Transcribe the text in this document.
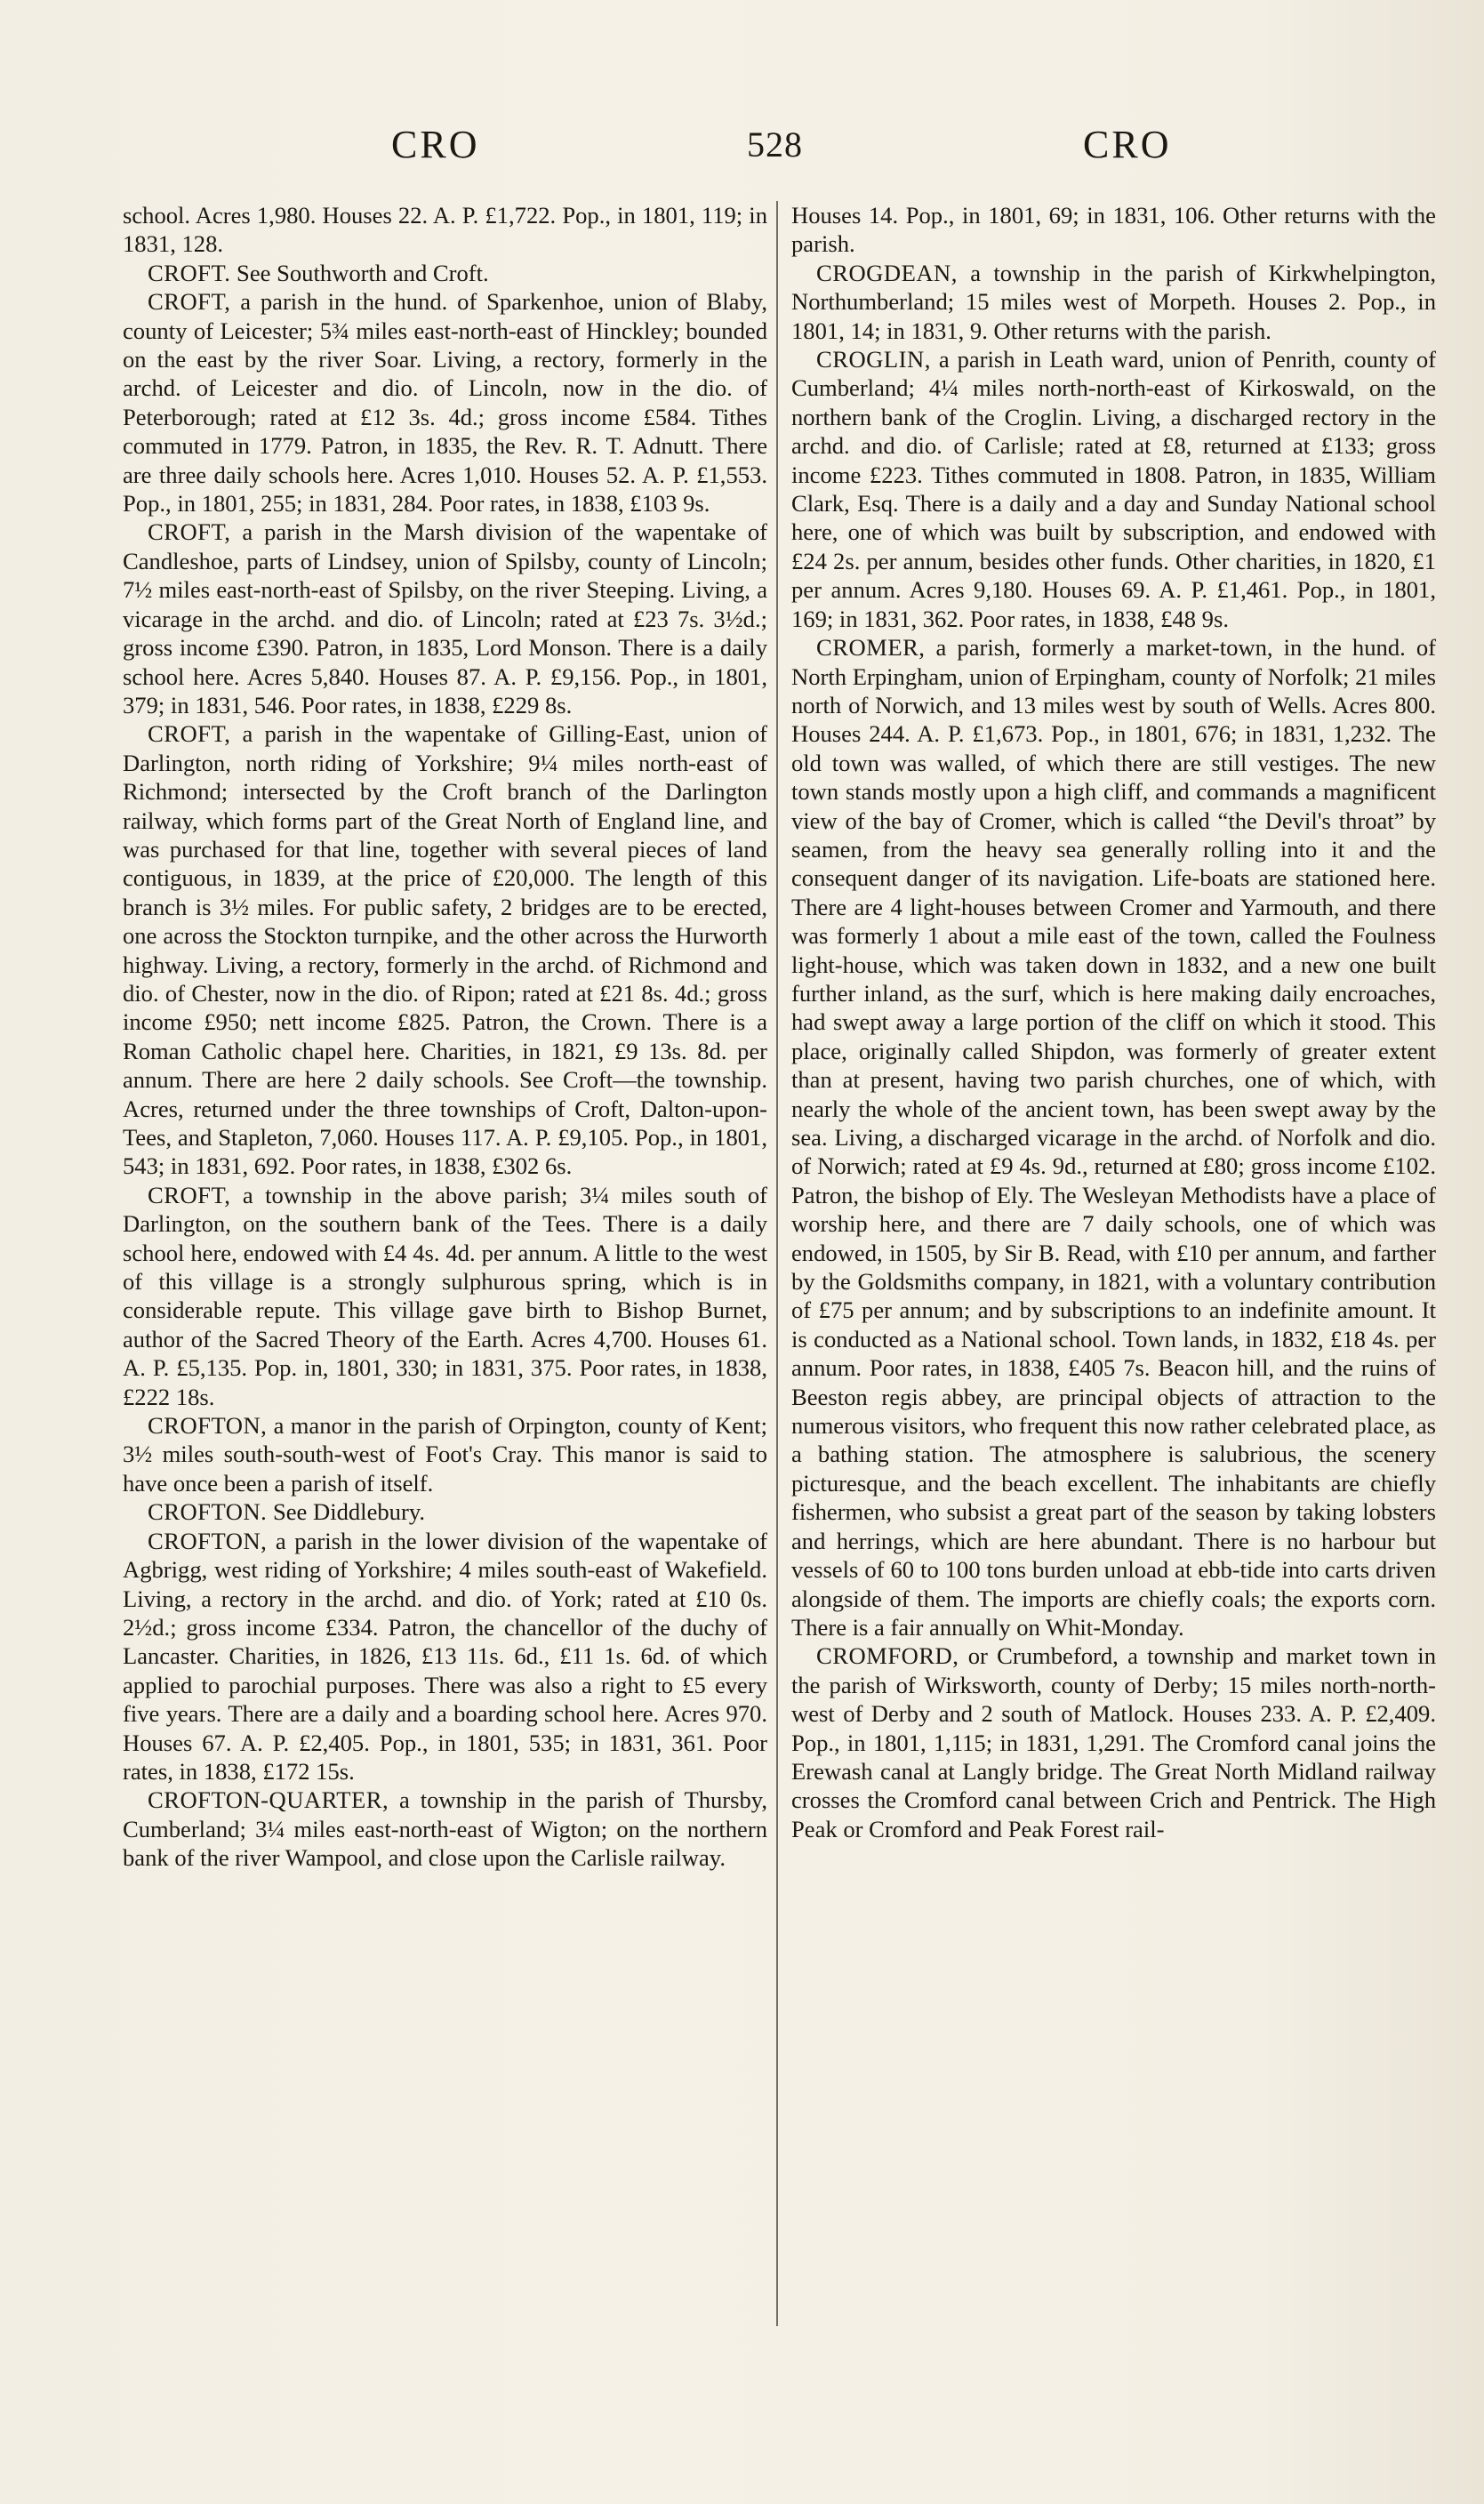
CRO	528	CRO

school. Acres 1,980. Houses 22. A. P. £1,722. Pop., in 1801, 119; in 1831, 128.

CROFT. See Southworth and Croft.

CROFT, a parish in the hund. of Sparkenhoe, union of Blaby, county of Leicester; 5¾ miles east-north-east of Hinckley; bounded on the east by the river Soar. Living, a rectory, formerly in the archd. of Leicester and dio. of Lincoln, now in the dio. of Peterborough; rated at £12 3s. 4d.; gross income £584. Tithes commuted in 1779. Patron, in 1835, the Rev. R. T. Adnutt. There are three daily schools here. Acres 1,010. Houses 52. A. P. £1,553. Pop., in 1801, 255; in 1831, 284. Poor rates, in 1838, £103 9s.

CROFT, a parish in the Marsh division of the wapentake of Candleshoe, parts of Lindsey, union of Spilsby, county of Lincoln; 7½ miles east-north-east of Spilsby, on the river Steeping. Living, a vicarage in the archd. and dio. of Lincoln; rated at £23 7s. 3½d.; gross income £390. Patron, in 1835, Lord Monson. There is a daily school here. Acres 5,840. Houses 87. A. P. £9,156. Pop., in 1801, 379; in 1831, 546. Poor rates, in 1838, £229 8s.

CROFT, a parish in the wapentake of Gilling-East, union of Darlington, north riding of Yorkshire; 9¼ miles north-east of Richmond; intersected by the Croft branch of the Darlington railway, which forms part of the Great North of England line, and was purchased for that line, together with several pieces of land contiguous, in 1839, at the price of £20,000. The length of this branch is 3½ miles. For public safety, 2 bridges are to be erected, one across the Stockton turnpike, and the other across the Hurworth highway. Living, a rectory, formerly in the archd. of Richmond and dio. of Chester, now in the dio. of Ripon; rated at £21 8s. 4d.; gross income £950; nett income £825. Patron, the Crown. There is a Roman Catholic chapel here. Charities, in 1821, £9 13s. 8d. per annum. There are here 2 daily schools. See Croft—the township. Acres, returned under the three townships of Croft, Dalton-upon-Tees, and Stapleton, 7,060. Houses 117. A. P. £9,105. Pop., in 1801, 543; in 1831, 692. Poor rates, in 1838, £302 6s.

CROFT, a township in the above parish; 3¼ miles south of Darlington, on the southern bank of the Tees. There is a daily school here, endowed with £4 4s. 4d. per annum. A little to the west of this village is a strongly sulphurous spring, which is in considerable repute. This village gave birth to Bishop Burnet, author of the Sacred Theory of the Earth. Acres 4,700. Houses 61. A. P. £5,135. Pop. in, 1801, 330; in 1831, 375. Poor rates, in 1838, £222 18s.

CROFTON, a manor in the parish of Orpington, county of Kent; 3½ miles south-south-west of Foot's Cray. This manor is said to have once been a parish of itself.

CROFTON. See Diddlebury.

CROFTON, a parish in the lower division of the wapentake of Agbrigg, west riding of Yorkshire; 4 miles south-east of Wakefield. Living, a rectory in the archd. and dio. of York; rated at £10 0s. 2½d.; gross income £334. Patron, the chancellor of the duchy of Lancaster. Charities, in 1826, £13 11s. 6d., £11 1s. 6d. of which applied to parochial purposes. There was also a right to £5 every five years. There are a daily and a boarding school here. Acres 970. Houses 67. A. P. £2,405. Pop., in 1801, 535; in 1831, 361. Poor rates, in 1838, £172 15s.

CROFTON-QUARTER, a township in the parish of Thursby, Cumberland; 3¼ miles east-north-east of Wigton; on the northern bank of the river Wampool, and close upon the Carlisle railway.

Houses 14. Pop., in 1801, 69; in 1831, 106. Other returns with the parish.

CROGDEAN, a township in the parish of Kirkwhelpington, Northumberland; 15 miles west of Morpeth. Houses 2. Pop., in 1801, 14; in 1831, 9. Other returns with the parish.

CROGLIN, a parish in Leath ward, union of Penrith, county of Cumberland; 4¼ miles north-north-east of Kirkoswald, on the northern bank of the Croglin. Living, a discharged rectory in the archd. and dio. of Carlisle; rated at £8, returned at £133; gross income £223. Tithes commuted in 1808. Patron, in 1835, William Clark, Esq. There is a daily and a day and Sunday National school here, one of which was built by subscription, and endowed with £24 2s. per annum, besides other funds. Other charities, in 1820, £1 per annum. Acres 9,180. Houses 69. A. P. £1,461. Pop., in 1801, 169; in 1831, 362. Poor rates, in 1838, £48 9s.

CROMER, a parish, formerly a market-town, in the hund. of North Erpingham, union of Erpingham, county of Norfolk; 21 miles north of Norwich, and 13 miles west by south of Wells. Acres 800. Houses 244. A. P. £1,673. Pop., in 1801, 676; in 1831, 1,232. The old town was walled, of which there are still vestiges. The new town stands mostly upon a high cliff, and commands a magnificent view of the bay of Cromer, which is called “the Devil's throat” by seamen, from the heavy sea generally rolling into it and the consequent danger of its navigation. Life-boats are stationed here. There are 4 light-houses between Cromer and Yarmouth, and there was formerly 1 about a mile east of the town, called the Foulness light-house, which was taken down in 1832, and a new one built further inland, as the surf, which is here making daily encroaches, had swept away a large portion of the cliff on which it stood. This place, originally called Shipdon, was formerly of greater extent than at present, having two parish churches, one of which, with nearly the whole of the ancient town, has been swept away by the sea. Living, a discharged vicarage in the archd. of Norfolk and dio. of Norwich; rated at £9 4s. 9d., returned at £80; gross income £102. Patron, the bishop of Ely. The Wesleyan Methodists have a place of worship here, and there are 7 daily schools, one of which was endowed, in 1505, by Sir B. Read, with £10 per annum, and farther by the Goldsmiths company, in 1821, with a voluntary contribution of £75 per annum; and by subscriptions to an indefinite amount. It is conducted as a National school. Town lands, in 1832, £18 4s. per annum. Poor rates, in 1838, £405 7s. Beacon hill, and the ruins of Beeston regis abbey, are principal objects of attraction to the numerous visitors, who frequent this now rather celebrated place, as a bathing station. The atmosphere is salubrious, the scenery picturesque, and the beach excellent. The inhabitants are chiefly fishermen, who subsist a great part of the season by taking lobsters and herrings, which are here abundant. There is no harbour but vessels of 60 to 100 tons burden unload at ebb-tide into carts driven alongside of them. The imports are chiefly coals; the exports corn. There is a fair annually on Whit-Monday.

CROMFORD, or Crumbeford, a township and market town in the parish of Wirksworth, county of Derby; 15 miles north-north-west of Derby and 2 south of Matlock. Houses 233. A. P. £2,409. Pop., in 1801, 1,115; in 1831, 1,291. The Cromford canal joins the Erewash canal at Langly bridge. The Great North Midland railway crosses the Cromford canal between Crich and Pentrick. The High Peak or Cromford and Peak Forest rail-
